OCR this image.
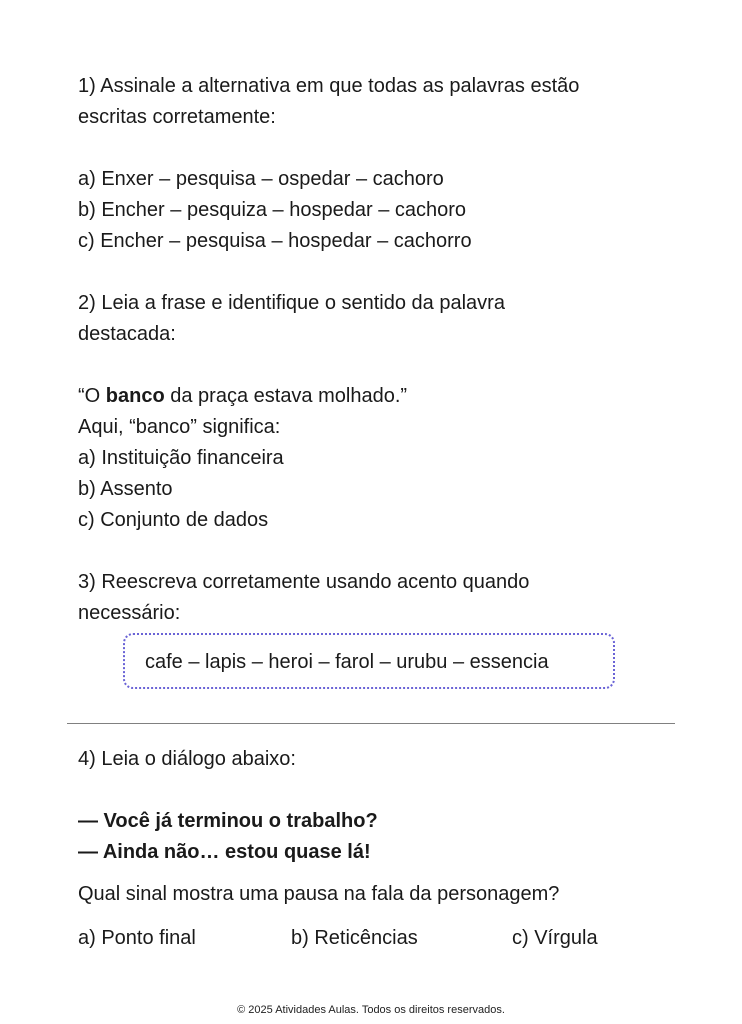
1) Assinale a alternativa em que todas as palavras estão
escritas corretamente:
a) Enxer – pesquisa – ospedar – cachoro
b) Encher – pesquiza – hospedar – cachoro
c) Encher – pesquisa – hospedar – cachorro
2) Leia a frase e identifique o sentido da palavra
destacada:
“O banco da praça estava molhado.”
Aqui, “banco” significa:
a) Instituição financeira
b) Assento
c) Conjunto de dados
3) Reescreva corretamente usando acento quando
necessário:
cafe – lapis – heroi – farol – urubu – essencia
4) Leia o diálogo abaixo:
— Você já terminou o trabalho?
— Ainda não… estou quase lá!
Qual sinal mostra uma pausa na fala da personagem?
a) Ponto final	b) Reticências	c) Vírgula
© 2025 Atividades Aulas. Todos os direitos reservados.
